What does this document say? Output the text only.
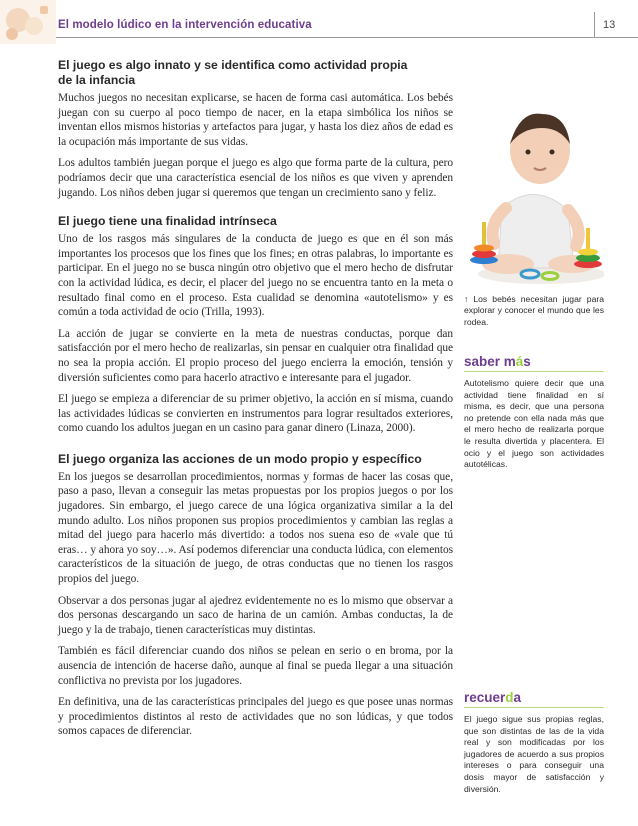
El modelo lúdico en la intervención educativa	13
El juego es algo innato y se identifica como actividad propia
de la infancia

Muchos juegos no necesitan explicarse, se hacen de forma casi automática. Los bebés juegan con su cuerpo al poco tiempo de nacer, en la etapa simbólica los niños se inventan ellos mismos historias y artefactos para jugar, y hasta los diez años de edad es la ocupación más importante de sus vidas.

Los adultos también juegan porque el juego es algo que forma parte de la cultura, pero podríamos decir que una característica esencial de los niños es que viven y aprenden jugando. Los niños deben jugar si queremos que tengan un crecimiento sano y feliz.

El juego tiene una finalidad intrínseca

Uno de los rasgos más singulares de la conducta de juego es que en él son más importantes los procesos que los fines que los fines; en otras palabras, lo importante es participar. En el juego no se busca ningún otro objetivo que el mero hecho de disfrutar con la actividad lúdica, es decir, el placer del juego no se encuentra tanto en la meta o resultado final como en el proceso. Esta cualidad se denomina «autotelismo» y es común a toda actividad de ocio (Trilla, 1993).

La acción de jugar se convierte en la meta de nuestras conductas, porque dan satisfacción por el mero hecho de realizarlas, sin pensar en cualquier otra finalidad que no sea la propia acción. El propio proceso del juego encierra la emoción, tensión y diversión suficientes como para hacerlo atractivo e interesante para el jugador.

El juego se empieza a diferenciar de su primer objetivo, la acción en sí misma, cuando las actividades lúdicas se convierten en instrumentos para lograr resultados exteriores, como cuando los adultos juegan en un casino para ganar dinero (Linaza, 2000).

El juego organiza las acciones de un modo propio y específico

En los juegos se desarrollan procedimientos, normas y formas de hacer las cosas que, paso a paso, llevan a conseguir las metas propuestas por los propios juegos o por los jugadores. Sin embargo, el juego carece de una lógica organizativa similar a la del mundo adulto. Los niños proponen sus propios procedimientos y cambian las reglas a mitad del juego para hacerlo más divertido: a todos nos suena eso de «vale que tú eras… y ahora yo soy…». Así podemos diferenciar una conducta lúdica, con elementos característicos de la situación de juego, de otras conductas que no tienen los rasgos propios del juego.

Observar a dos personas jugar al ajedrez evidentemente no es lo mismo que observar a dos personas descargando un saco de harina de un camión. Ambas conductas, la de juego y la de trabajo, tienen características muy distintas.

También es fácil diferenciar cuando dos niños se pelean en serio o en broma, por la ausencia de intención de hacerse daño, aunque al final se pueda llegar a una situación conflictiva no prevista por los jugadores.

En definitiva, una de las características principales del juego es que posee unas normas y procedimientos distintos al resto de actividades que no son lúdicas, y que todos somos capaces de diferenciar.

↑ Los bebés necesitan jugar para explorar y conocer el mundo que les rodea.
saber más
Autotelismo quiere decir que una actividad tiene finalidad en sí misma, es decir, que una persona no pretende con ella nada más que el mero hecho de realizarla porque le resulta divertida y placentera. El ocio y el juego son actividades autotélicas.
recuerda
El juego sigue sus propias reglas, que son distintas de las de la vida real y son modificadas por los jugadores de acuerdo a sus propios intereses o para conseguir una dosis mayor de satisfacción y diversión.
